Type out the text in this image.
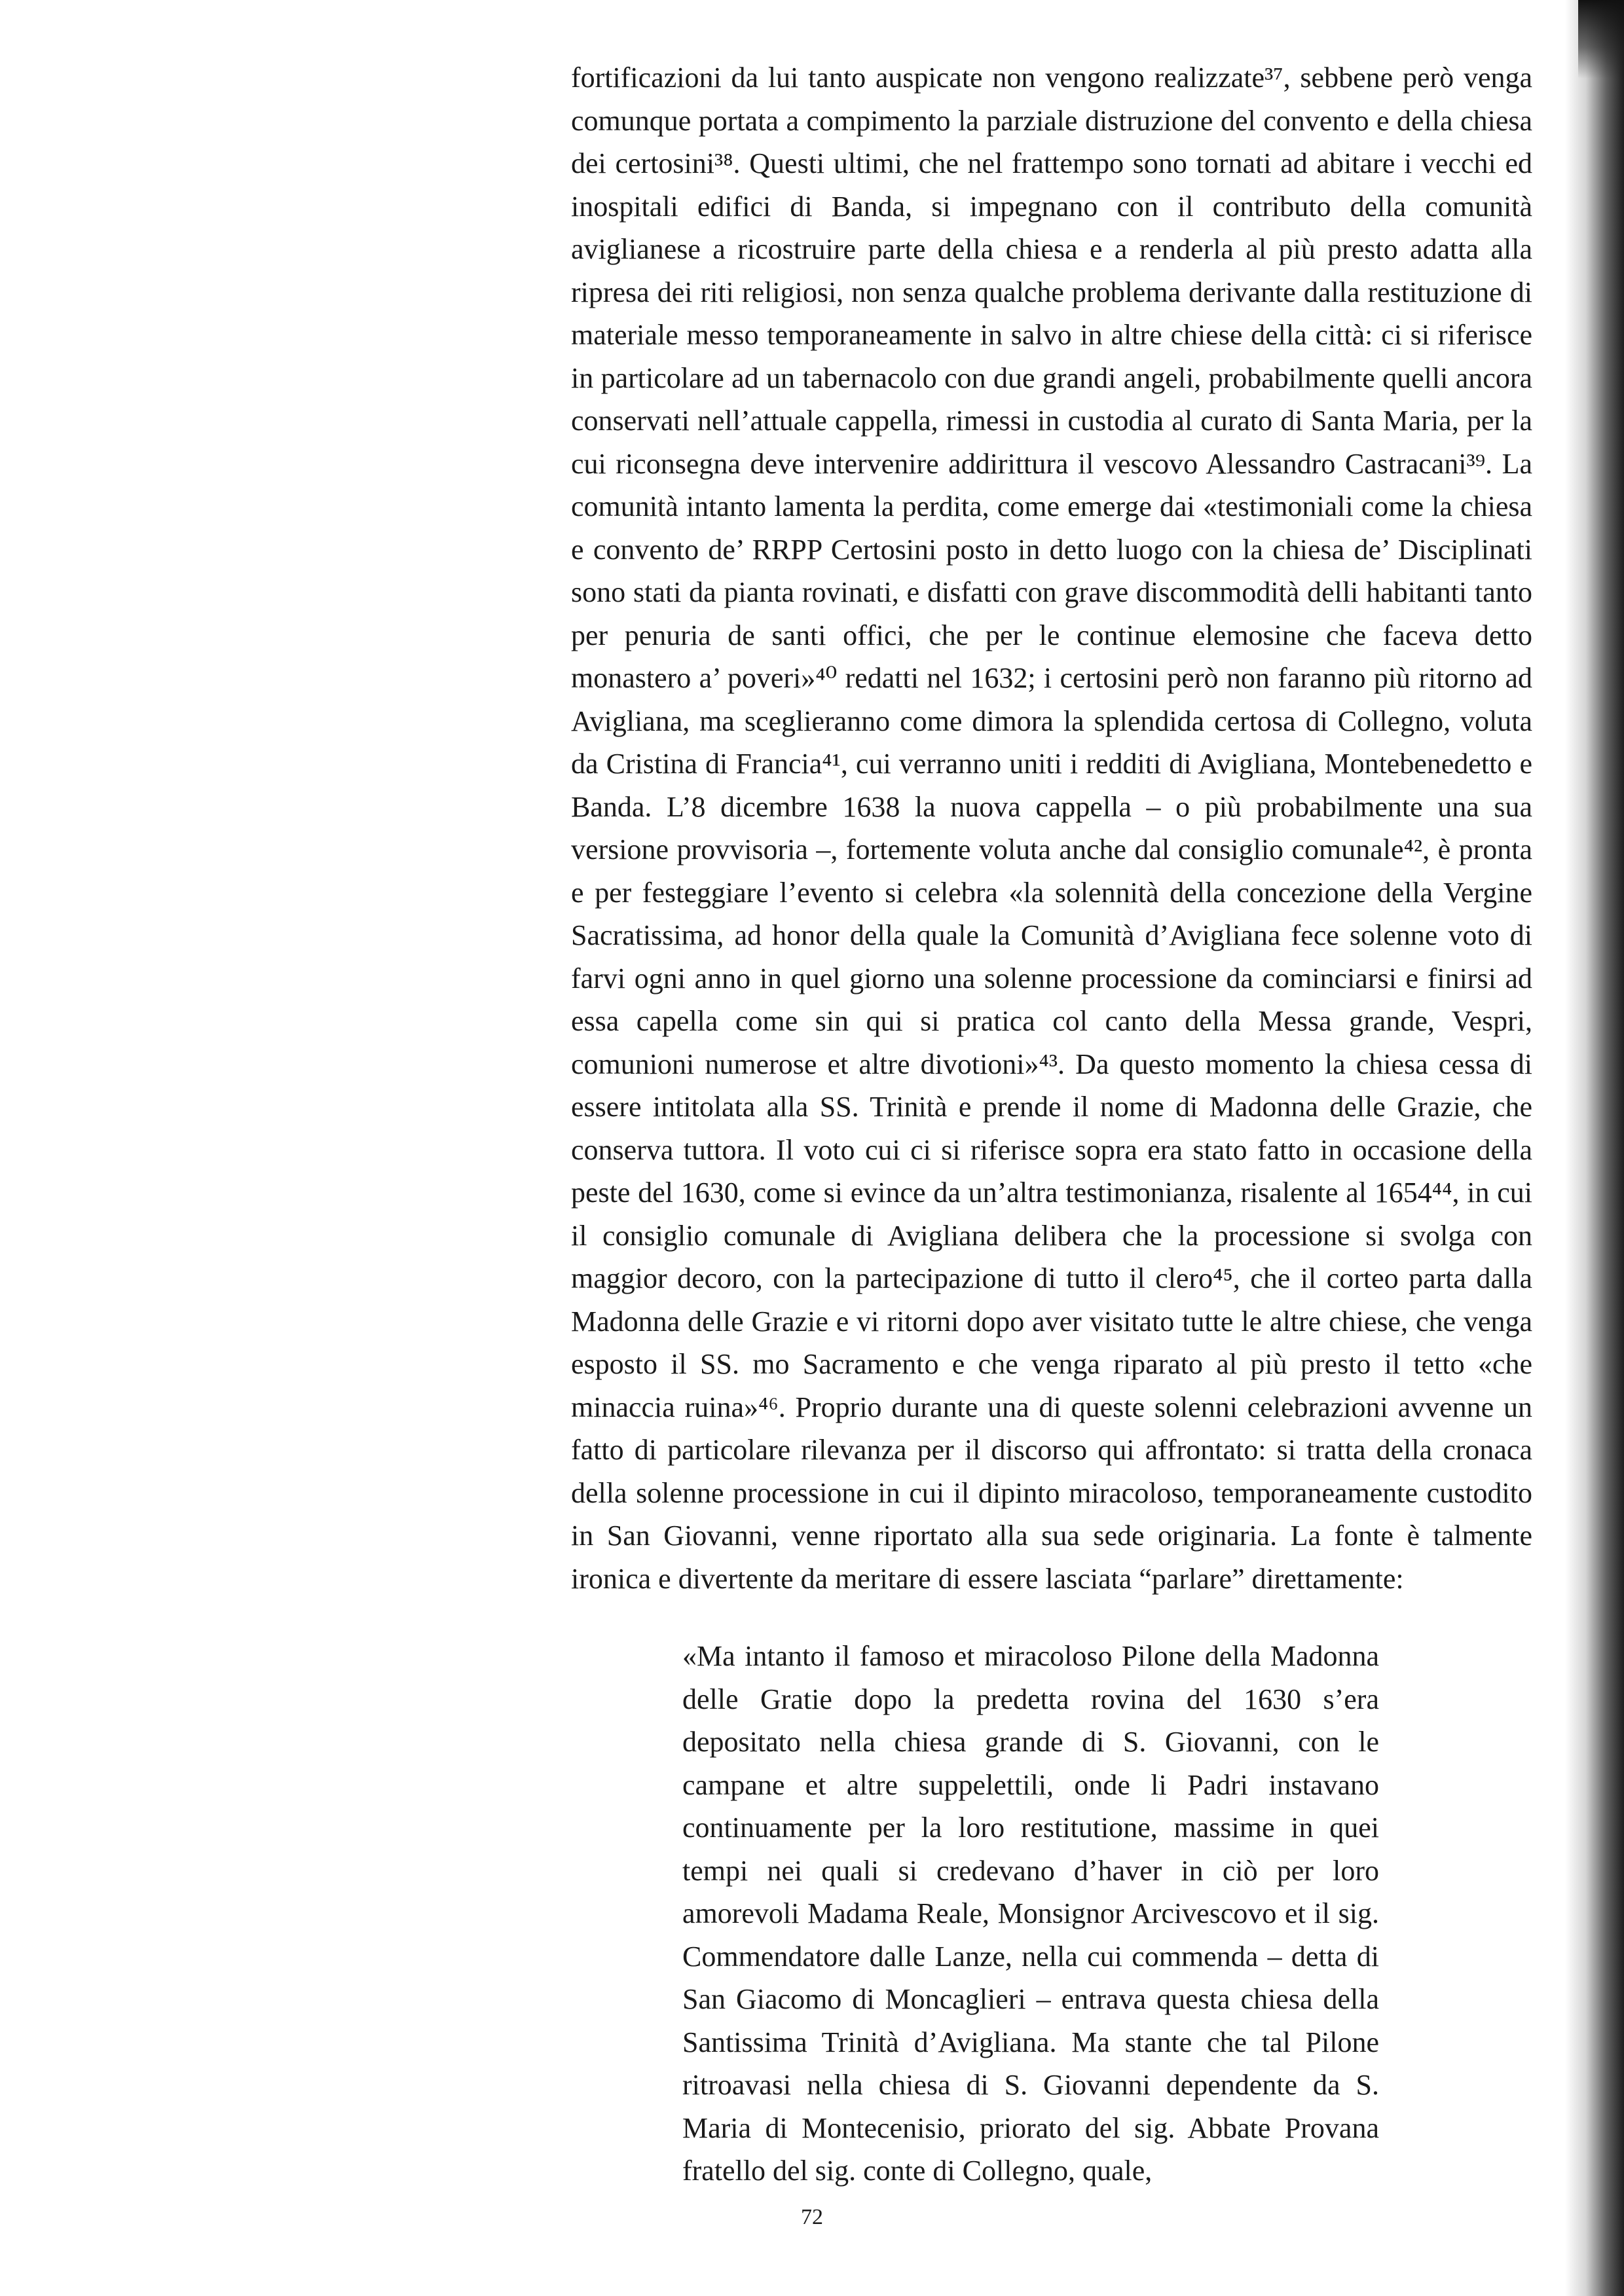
fortificazioni da lui tanto auspicate non vengono realizzate³⁷, sebbene però venga comunque portata a compimento la parziale distruzione del convento e della chiesa dei certosini³⁸. Questi ultimi, che nel frattempo sono tornati ad abitare i vecchi ed inospitali edifici di Banda, si impegnano con il contributo della comunità aviglianese a ricostruire parte della chiesa e a renderla al più presto adatta alla ripresa dei riti religiosi, non senza qualche problema derivante dalla restituzione di materiale messo temporaneamente in salvo in altre chiese della città: ci si riferisce in particolare ad un tabernacolo con due grandi angeli, probabilmente quelli ancora conservati nell’attuale cappella, rimessi in custodia al curato di Santa Maria, per la cui riconsegna deve intervenire addirittura il vescovo Alessandro Castracani³⁹. La comunità intanto lamenta la perdita, come emerge dai «testimoniali come la chiesa e convento de’ RRPP Certosini posto in detto luogo con la chiesa de’ Disciplinati sono stati da pianta rovinati, e disfatti con grave discommodità delli habitanti tanto per penuria de santi offici, che per le continue elemosine che faceva detto monastero a’ poveri»⁴⁰ redatti nel 1632; i certosini però non faranno più ritorno ad Avigliana, ma sceglieranno come dimora la splendida certosa di Collegno, voluta da Cristina di Francia⁴¹, cui verranno uniti i redditi di Avigliana, Montebenedetto e Banda. L’8 dicembre 1638 la nuova cappella – o più probabilmente una sua versione provvisoria –, fortemente voluta anche dal consiglio comunale⁴², è pronta e per festeggiare l’evento si celebra «la solennità della concezione della Vergine Sacratissima, ad honor della quale la Comunità d’Avigliana fece solenne voto di farvi ogni anno in quel giorno una solenne processione da cominciarsi e finirsi ad essa capella come sin qui si pratica col canto della Messa grande, Vespri, comunioni numerose et altre divotioni»⁴³. Da questo momento la chiesa cessa di essere intitolata alla SS. Trinità e prende il nome di Madonna delle Grazie, che conserva tuttora. Il voto cui ci si riferisce sopra era stato fatto in occasione della peste del 1630, come si evince da un’altra testimonianza, risalente al 1654⁴⁴, in cui il consiglio comunale di Avigliana delibera che la processione si svolga con maggior decoro, con la partecipazione di tutto il clero⁴⁵, che il corteo parta dalla Madonna delle Grazie e vi ritorni dopo aver visitato tutte le altre chiese, che venga esposto il SS. mo Sacramento e che venga riparato al più presto il tetto «che minaccia ruina»⁴⁶. Proprio durante una di queste solenni celebrazioni avvenne un fatto di particolare rilevanza per il discorso qui affrontato: si tratta della cronaca della solenne processione in cui il dipinto miracoloso, temporaneamente custodito in San Giovanni, venne riportato alla sua sede originaria. La fonte è talmente ironica e divertente da meritare di essere lasciata “parlare” direttamente:

«Ma intanto il famoso et miracoloso Pilone della Madonna delle Gratie dopo la predetta rovina del 1630 s’era depositato nella chiesa grande di S. Giovanni, con le campane et altre suppelettili, onde li Padri instavano continuamente per la loro restitutione, massime in quei tempi nei quali si credevano d’haver in ciò per loro amorevoli Madama Reale, Monsignor Arcivescovo et il sig. Commendatore dalle Lanze, nella cui commenda – detta di San Giacomo di Moncaglieri – entrava questa chiesa della Santissima Trinità d’Avigliana. Ma stante che tal Pilone ritroavasi nella chiesa di S. Giovanni dependente da S. Maria di Montecenisio, priorato del sig. Abbate Provana fratello del sig. conte di Collegno, quale,

72
